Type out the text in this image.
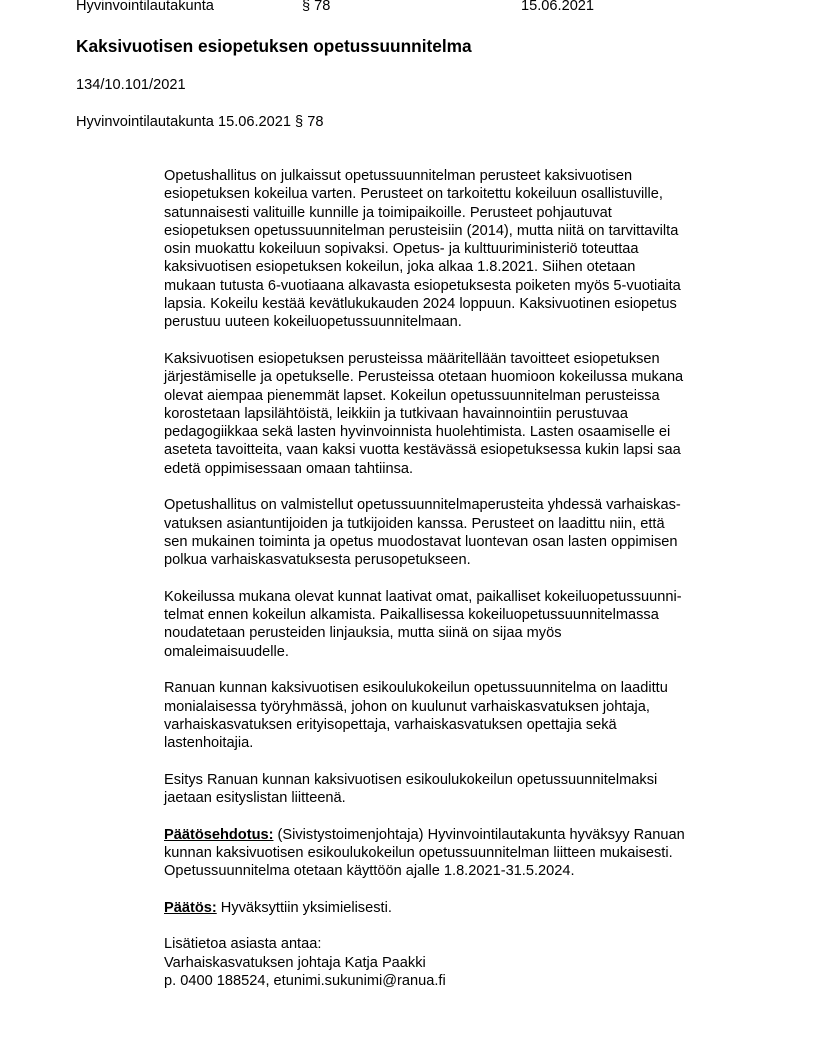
Hyvinvointilautakunta	§ 78	15.06.2021
Kaksivuotisen esiopetuksen opetussuunnitelma
134/10.101/2021
Hyvinvointilautakunta 15.06.2021 § 78

Opetushallitus on julkaissut opetussuunnitelman perusteet kaksivuotisen
esiopetuksen kokeilua varten. Perusteet on tarkoitettu kokeiluun osallistuville,
satunnaisesti valituille kunnille ja toimipaikoille. Perusteet pohjautuvat
esiopetuksen opetussuunnitelman perusteisiin (2014), mutta niitä on tarvittavilta
osin muokattu kokeiluun sopivaksi. Opetus- ja kulttuuriministeriö toteuttaa
kaksivuotisen esiopetuksen kokeilun, joka alkaa 1.8.2021. Siihen otetaan
mukaan tutusta 6-vuotiaana alkavasta esiopetuksesta poiketen myös 5-vuotiaita
lapsia. Kokeilu kestää kevätlukukauden 2024 loppuun. Kaksivuotinen esiopetus
perustuu uuteen kokeiluopetussuunnitelmaan.

Kaksivuotisen esiopetuksen perusteissa määritellään tavoitteet esiopetuksen
järjestämiselle ja opetukselle. Perusteissa otetaan huomioon kokeilussa mukana
olevat aiempaa pienemmät lapset. Kokeilun opetussuunnitelman perusteissa
korostetaan lapsilähtöistä, leikkiin ja tutkivaan havainnointiin perustuvaa
pedagogiikkaa sekä lasten hyvinvoinnista huolehtimista. Lasten osaamiselle ei
aseteta tavoitteita, vaan kaksi vuotta kestävässä esiopetuksessa kukin lapsi saa
edetä oppimisessaan omaan tahtiinsa.

Opetushallitus on valmistellut opetussuunnitelmaperusteita yhdessä varhaiskas-
vatuksen asiantuntijoiden ja tutkijoiden kanssa. Perusteet on laadittu niin, että
sen mukainen toiminta ja opetus muodostavat luontevan osan lasten oppimisen
polkua varhaiskasvatuksesta perusopetukseen.

Kokeilussa mukana olevat kunnat laativat omat, paikalliset kokeiluopetussuunni-
telmat ennen kokeilun alkamista. Paikallisessa kokeiluopetussuunnitelmassa
noudatetaan perusteiden linjauksia, mutta siinä on sijaa myös
omaleimaisuudelle.

Ranuan kunnan kaksivuotisen esikoulukokeilun opetussuunnitelma on laadittu
monialaisessa työryhmässä, johon on kuulunut varhaiskasvatuksen johtaja,
varhaiskasvatuksen erityisopettaja, varhaiskasvatuksen opettajia sekä
lastenhoitajia.

Esitys Ranuan kunnan kaksivuotisen esikoulukokeilun opetussuunnitelmaksi
jaetaan esityslistan liitteenä.

Päätösehdotus: (Sivistystoimenjohtaja) Hyvinvointilautakunta hyväksyy Ranuan
kunnan kaksivuotisen esikoulukokeilun opetussuunnitelman liitteen mukaisesti.
Opetussuunnitelma otetaan käyttöön ajalle 1.8.2021-31.5.2024.

Päätös: Hyväksyttiin yksimielisesti.

Lisätietoa asiasta antaa:
Varhaiskasvatuksen johtaja Katja Paakki
p. 0400 188524, etunimi.sukunimi@ranua.fi
